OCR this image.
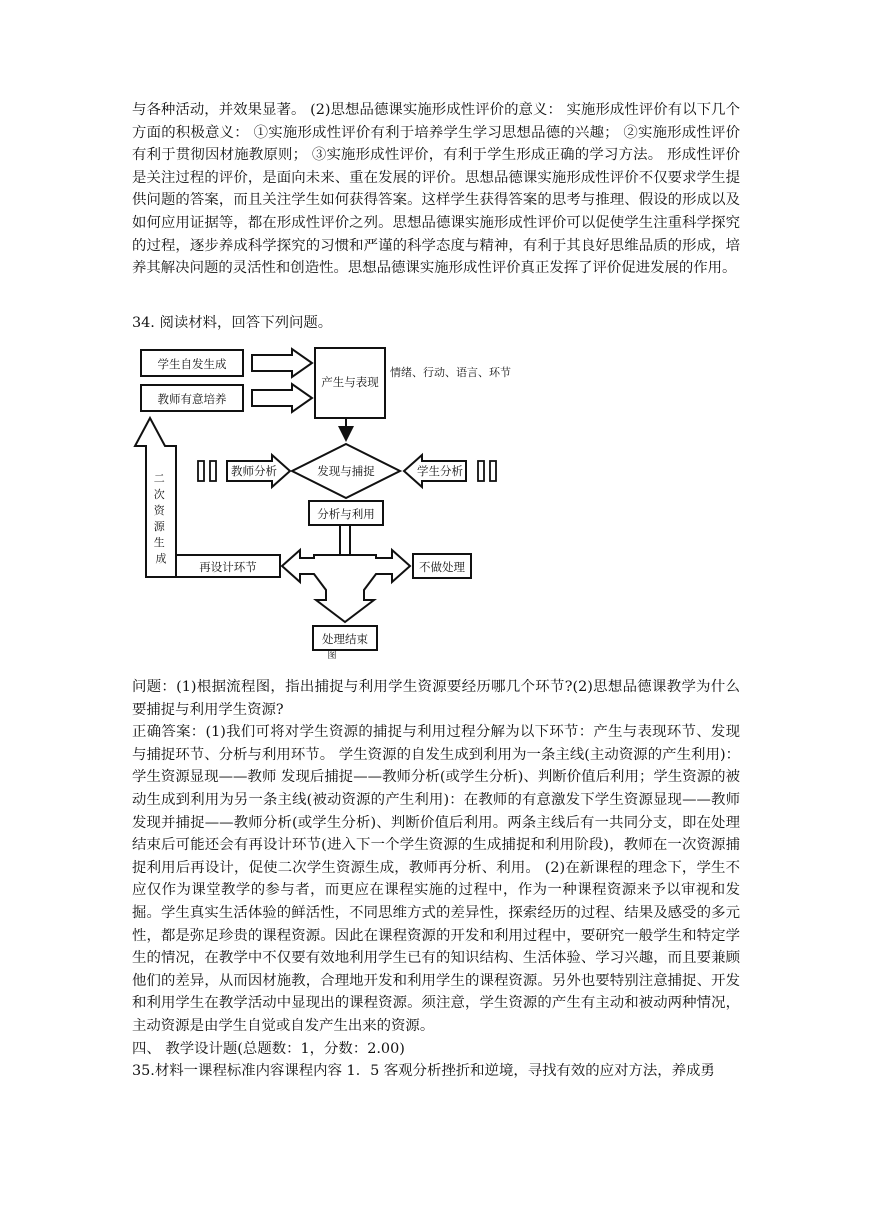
与各种活动，并效果显著。 (2)思想品德课实施形成性评价的意义： 实施形成性评价有以下几个方面的积极意义： ①实施形成性评价有利于培养学生学习思想品德的兴趣； ②实施形成性评价有利于贯彻因材施教原则； ③实施形成性评价，有利于学生形成正确的学习方法。 形成性评价是关注过程的评价，是面向未来、重在发展的评价。思想品德课实施形成性评价不仅要求学生提供问题的答案，而且关注学生如何获得答案。这样学生获得答案的思考与推理、假设的形成以及如何应用证据等，都在形成性评价之列。思想品德课实施形成性评价可以促使学生注重科学探究的过程，逐步养成科学探究的习惯和严谨的科学态度与精神，有利于其良好思维品质的形成，培养其解决问题的灵活性和创造性。思想品德课实施形成性评价真正发挥了评价促进发展的作用。

34. 阅读材料，回答下列问题。

学生自发生成
教师有意培养
产生与表现
情绪、行动、语言、环节
发现与捕捉
教师分析	学生分析
分析与利用
再设计环节	不做处理
处理结束
二 次 资 源 生 成
图

问题：(1)根据流程图，指出捕捉与利用学生资源要经历哪几个环节?(2)思想品德课教学为什么要捕捉与利用学生资源?

正确答案：(1)我们可将对学生资源的捕捉与利用过程分解为以下环节：产生与表现环节、发现与捕捉环节、分析与利用环节。 学生资源的自发生成到利用为一条主线(主动资源的产生利用)： 学生资源显现——教师 发现后捕捉——教师分析(或学生分析)、判断价值后利用；学生资源的被动生成到利用为另一条主线(被动资源的产生利用)：在教师的有意激发下学生资源显现——教师发现并捕捉——教师分析(或学生分析)、判断价值后利用。两条主线后有一共同分支，即在处理结束后可能还会有再设计环节(进入下一个学生资源的生成捕捉和利用阶段)，教师在一次资源捕捉利用后再设计，促使二次学生资源生成，教师再分析、利用。 (2)在新课程的理念下，学生不应仅作为课堂教学的参与者，而更应在课程实施的过程中，作为一种课程资源来予以审视和发掘。学生真实生活体验的鲜活性，不同思维方式的差异性，探索经历的过程、结果及感受的多元性，都是弥足珍贵的课程资源。因此在课程资源的开发和利用过程中，要研究一般学生和特定学生的情况，在教学中不仅要有效地利用学生已有的知识结构、生活体验、学习兴趣，而且要兼顾他们的差异，从而因材施教，合理地开发和利用学生的课程资源。另外也要特别注意捕捉、开发和利用学生在教学活动中显现出的课程资源。须注意，学生资源的产生有主动和被动两种情况，主动资源是由学生自觉或自发产生出来的资源。

四、 教学设计题(总题数：1，分数：2.00)

35.材料一课程标准内容课程内容 1．5 客观分析挫折和逆境，寻找有效的应对方法，养成勇
